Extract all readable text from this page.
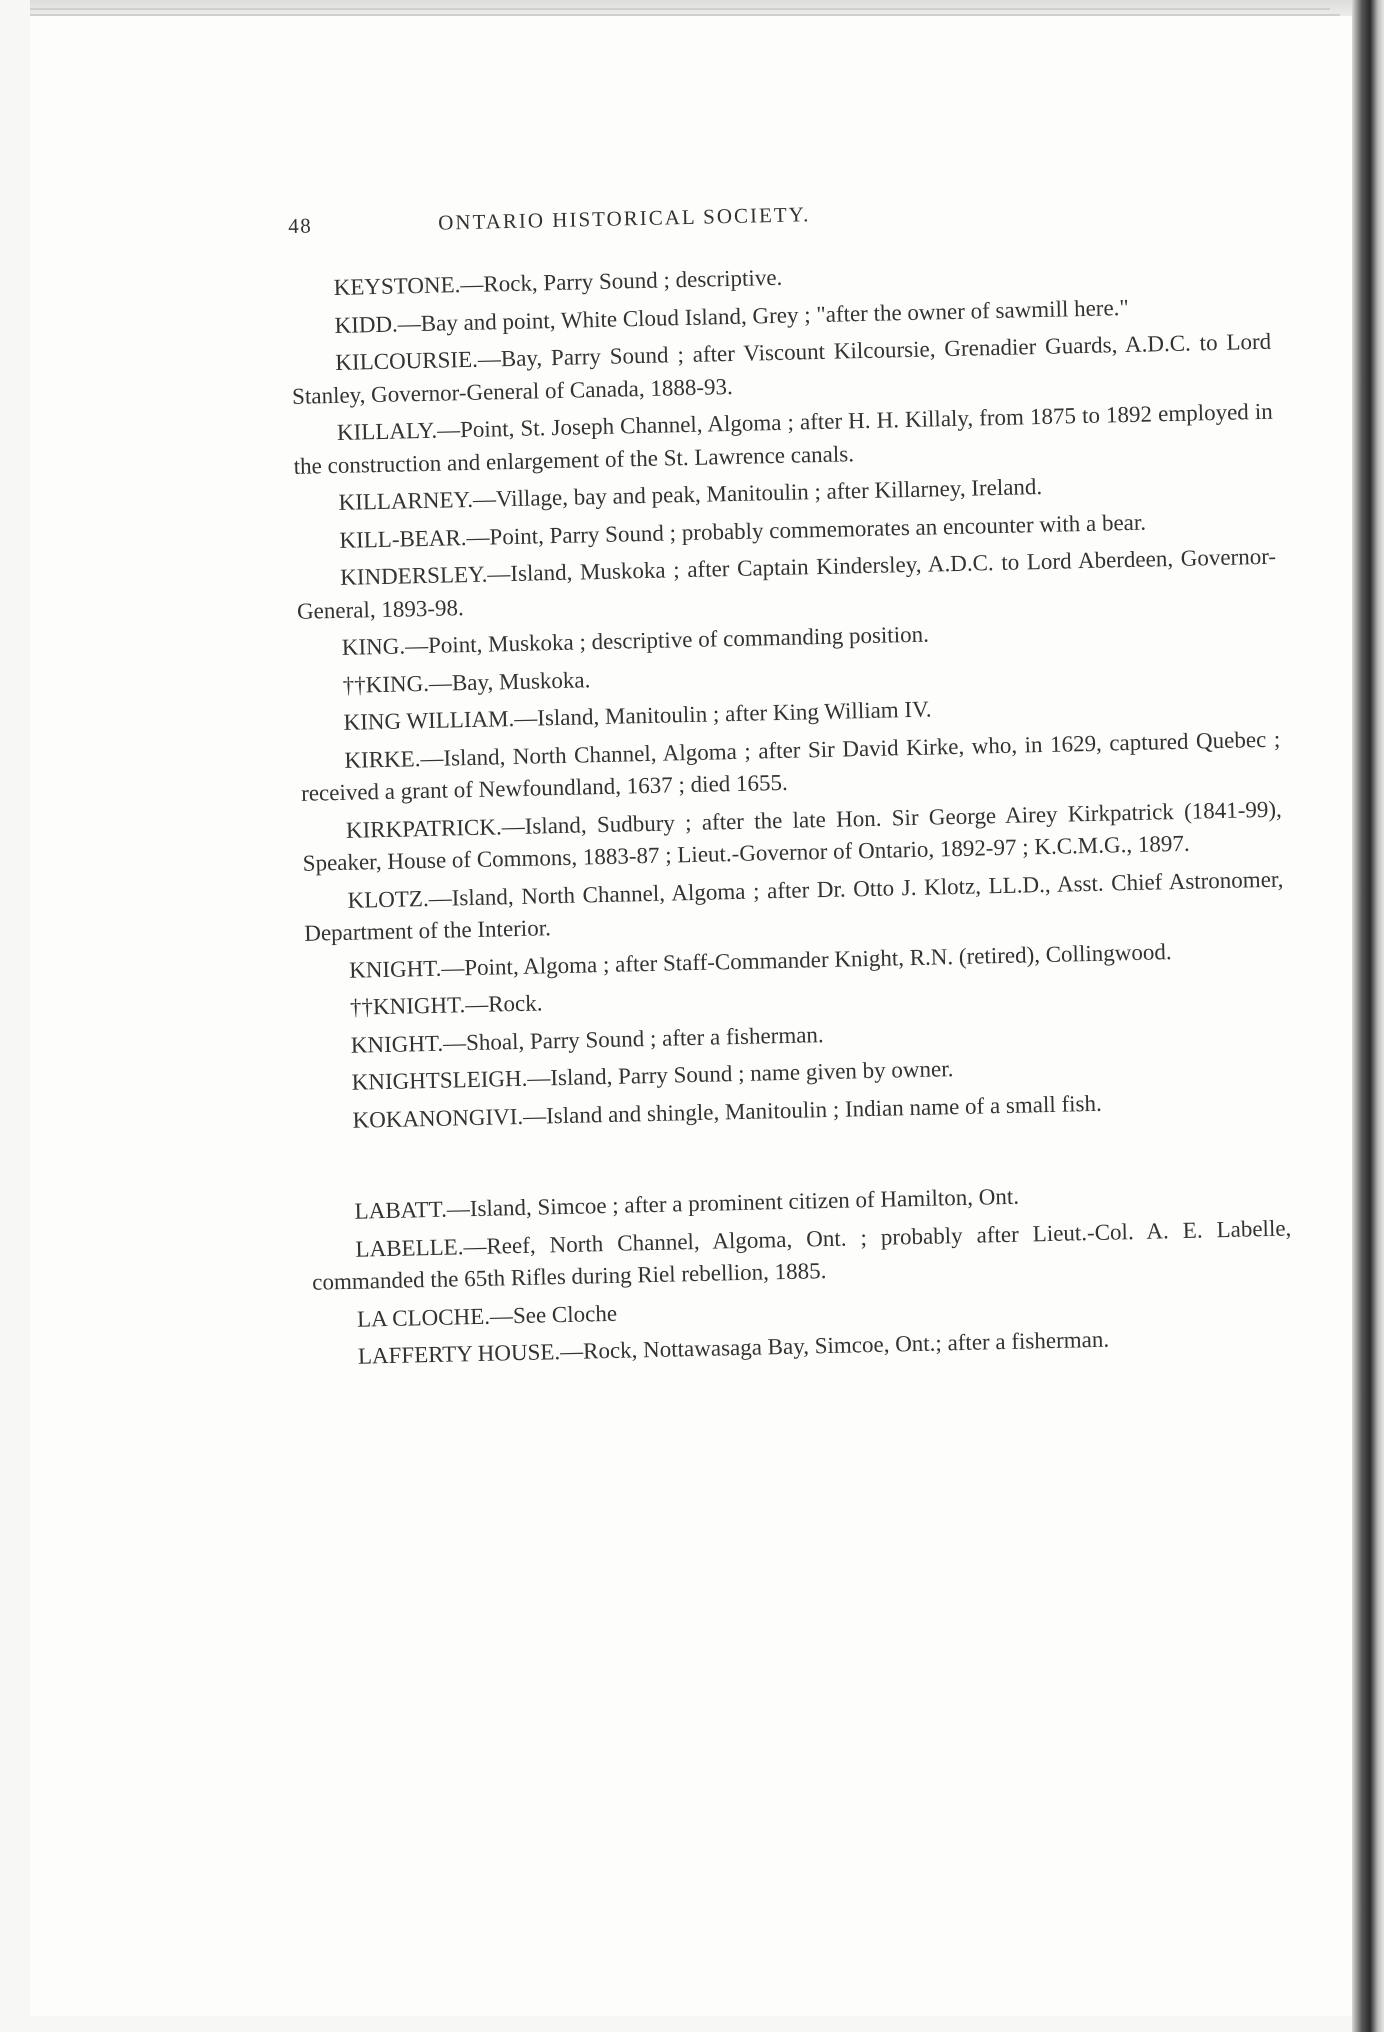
48	ONTARIO HISTORICAL SOCIETY.

KEYSTONE.—Rock, Parry Sound ; descriptive.

KIDD.—Bay and point, White Cloud Island, Grey ; "after the owner of sawmill here."

KILCOURSIE.—Bay, Parry Sound ; after Viscount Kilcoursie, Grenadier Guards, A.D.C. to Lord Stanley, Governor-General of Canada, 1888-93.

KILLALY.—Point, St. Joseph Channel, Algoma ; after H. H. Killaly, from 1875 to 1892 employed in the construction and enlargement of the St. Lawrence canals.

KILLARNEY.—Village, bay and peak, Manitoulin ; after Killarney, Ireland.

KILL-BEAR.—Point, Parry Sound ; probably commemorates an encounter with a bear.

KINDERSLEY.—Island, Muskoka ; after Captain Kindersley, A.D.C. to Lord Aberdeen, Governor-General, 1893-98.

KING.—Point, Muskoka ; descriptive of commanding position.

††KING.—Bay, Muskoka.

KING WILLIAM.—Island, Manitoulin ; after King William IV.

KIRKE.—Island, North Channel, Algoma ; after Sir David Kirke, who, in 1629, captured Quebec ; received a grant of Newfoundland, 1637 ; died 1655.

KIRKPATRICK.—Island, Sudbury ; after the late Hon. Sir George Airey Kirkpatrick (1841-99), Speaker, House of Commons, 1883-87 ; Lieut.-Governor of Ontario, 1892-97 ; K.C.M.G., 1897.

KLOTZ.—Island, North Channel, Algoma ; after Dr. Otto J. Klotz, LL.D., Asst. Chief Astronomer, Department of the Interior.

KNIGHT.—Point, Algoma ; after Staff-Commander Knight, R.N. (retired), Collingwood.

††KNIGHT.—Rock.

KNIGHT.—Shoal, Parry Sound ; after a fisherman.

KNIGHTSLEIGH.—Island, Parry Sound ; name given by owner.

KOKANONGIVI.—Island and shingle, Manitoulin ; Indian name of a small fish.

LABATT.—Island, Simcoe ; after a prominent citizen of Hamilton, Ont.

LABELLE.—Reef, North Channel, Algoma, Ont. ; probably after Lieut.-Col. A. E. Labelle, commanded the 65th Rifles during Riel rebellion, 1885.

LA CLOCHE.—See Cloche

LAFFERTY HOUSE.—Rock, Nottawasaga Bay, Simcoe, Ont.; after a fisherman.
